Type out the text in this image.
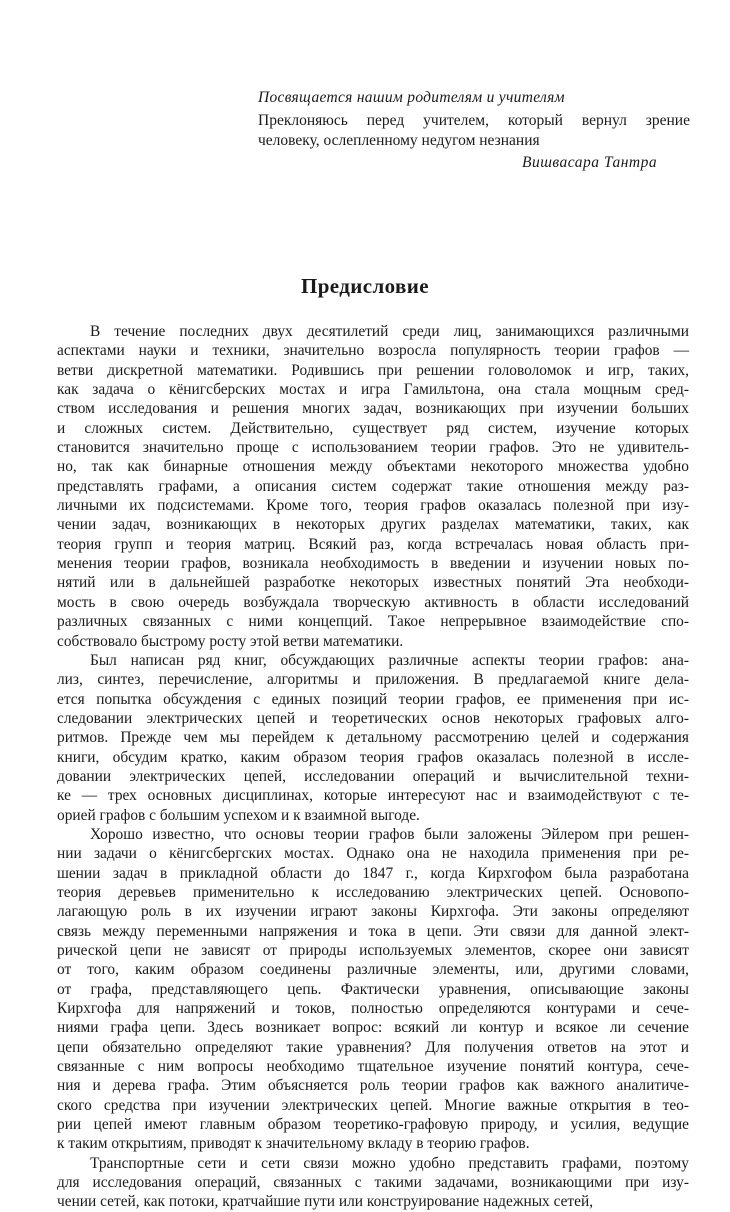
Посвящается нашим родителям и учителям
Преклоняюсь перед учителем, который вернул зрение
человеку, ослепленному недугом незнания
Вишвасара Тантра
Предисловие
В течение последних двух десятилетий среди лиц, занимающихся различными
аспектами науки и техники, значительно возросла популярность теории графов —
ветви дискретной математики. Родившись при решении головоломок и игр, таких,
как задача о кёнигсберских мостах и игра Гамильтона, она стала мощным сред-
ством исследования и решения многих задач, возникающих при изучении больших
и сложных систем. Действительно, существует ряд систем, изучение которых
становится значительно проще с использованием теории графов. Это не удивитель-
но, так как бинарные отношения между объектами некоторого множества удобно
представлять графами, а описания систем содержат такие отношения между раз-
личными их подсистемами. Кроме того, теория графов оказалась полезной при изу-
чении задач, возникающих в некоторых других разделах математики, таких, как
теория групп и теория матриц. Всякий раз, когда встречалась новая область при-
менения теории графов, возникала необходимость в введении и изучении новых по-
нятий или в дальнейшей разработке некоторых известных понятий Эта необходи-
мость в свою очередь возбуждала творческую активность в области исследований
различных связанных с ними концепций. Такое непрерывное взаимодействие спо-
собствовало быстрому росту этой ветви математики.
Был написан ряд книг, обсуждающих различные аспекты теории графов: ана-
лиз, синтез, перечисление, алгоритмы и приложения. В предлагаемой книге дела-
ется попытка обсуждения с единых позиций теории графов, ее применения при ис-
следовании электрических цепей и теоретических основ некоторых графовых алго-
ритмов. Прежде чем мы перейдем к детальному рассмотрению целей и содержания
книги, обсудим кратко, каким образом теория графов оказалась полезной в иссле-
довании электрических цепей, исследовании операций и вычислительной техни-
ке — трех основных дисциплинах, которые интересуют нас и взаимодействуют с те-
орией графов с большим успехом и к взаимной выгоде.
Хорошо известно, что основы теории графов были заложены Эйлером при решен-
нии задачи о кёнигсбергских мостах. Однако она не находила применения при ре-
шении задач в прикладной области до 1847 г., когда Кирхгофом была разработана
теория деревьев применительно к исследованию электрических цепей. Основопо-
лагающую роль в их изучении играют законы Кирхгофа. Эти законы определяют
связь между переменными напряжения и тока в цепи. Эти связи для данной элект-
рической цепи не зависят от природы используемых элементов, скорее они зависят
от того, каким образом соединены различные элементы, или, другими словами,
от графа, представляющего цепь. Фактически уравнения, описывающие законы
Кирхгофа для напряжений и токов, полностью определяются контурами и сече-
ниями графа цепи. Здесь возникает вопрос: всякий ли контур и всякое ли сечение
цепи обязательно определяют такие уравнения? Для получения ответов на этот и
связанные с ним вопросы необходимо тщательное изучение понятий контура, сече-
ния и дерева графа. Этим объясняется роль теории графов как важного аналитиче-
ского средства при изучении электрических цепей. Многие важные открытия в тео-
рии цепей имеют главным образом теоретико-графовую природу, и усилия, ведущие
к таким открытиям, приводят к значительному вкладу в теорию графов.
Транспортные сети и сети связи можно удобно представить графами, поэтому
для исследования операций, связанных с такими задачами, возникающими при изу-
чении сетей, как потоки, кратчайшие пути или конструирование надежных сетей,
